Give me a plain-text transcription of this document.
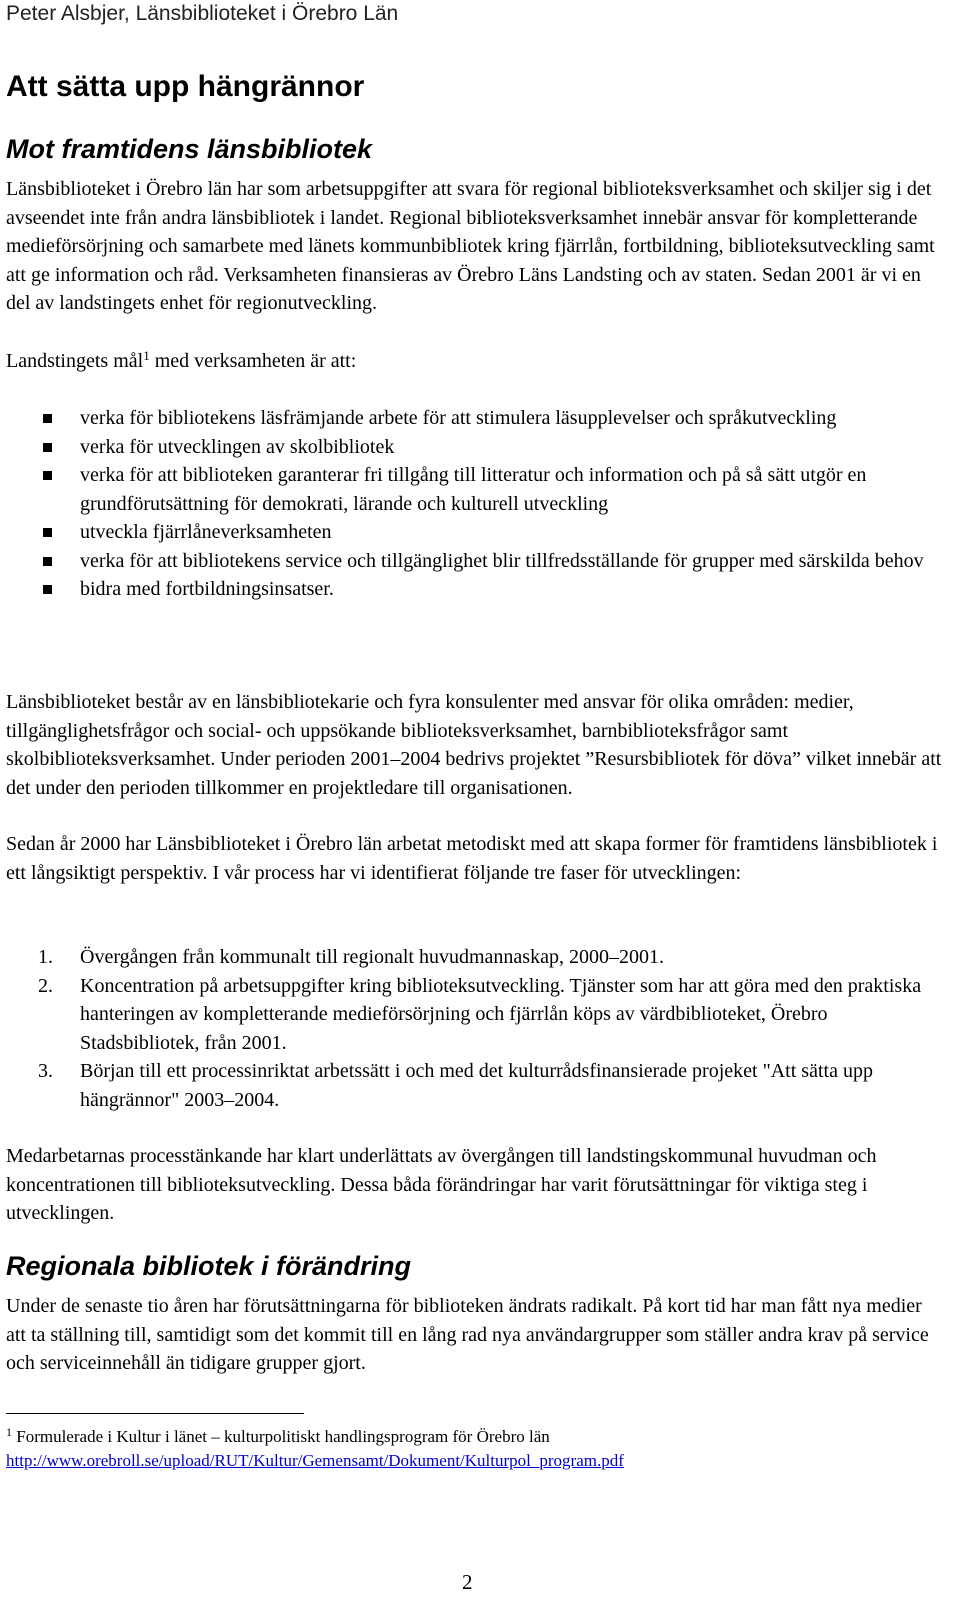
Peter Alsbjer, Länsbiblioteket i Örebro Län
Att sätta upp hängrännor
Mot framtidens länsbibliotek

Länsbiblioteket i Örebro län har som arbetsuppgifter att svara för regional biblioteksverksamhet och skiljer sig i det avseendet inte från andra länsbibliotek i landet. Regional biblioteksverksamhet innebär ansvar för kompletterande medieförsörjning och samarbete med länets kommunbibliotek kring fjärrlån, fortbildning, biblioteksutveckling samt att ge information och råd. Verksamheten finansieras av Örebro Läns Landsting och av staten. Sedan 2001 är vi en del av landstingets enhet för regionutveckling.

Landstingets mål$^1$ med verksamheten är att:

verka för bibliotekens läsfrämjande arbete för att stimulera läsupplevelser och språkutveckling
verka för utvecklingen av skolbibliotek
verka för att biblioteken garanterar fri tillgång till litteratur och information och på så sätt utgör en grundförutsättning för demokrati, lärande och kulturell utveckling
utveckla fjärrlåneverksamheten
verka för att bibliotekens service och tillgänglighet blir tillfredsställande för grupper med särskilda behov
bidra med fortbildningsinsatser.

Länsbiblioteket består av en länsbibliotekarie och fyra konsulenter med ansvar för olika områden: medier, tillgänglighetsfrågor och social- och uppsökande biblioteksverksamhet, barnbiblioteksfrågor samt skolbiblioteksverksamhet. Under perioden 2001–2004 bedrivs projektet ”Resursbibliotek för döva” vilket innebär att det under den perioden tillkommer en projektledare till organisationen.

Sedan år 2000 har Länsbiblioteket i Örebro län arbetat metodiskt med att skapa former för framtidens länsbibliotek i ett långsiktigt perspektiv. I vår process har vi identifierat följande tre faser för utvecklingen:

1. Övergången från kommunalt till regionalt huvudmannaskap, 2000–2001.
2. Koncentration på arbetsuppgifter kring biblioteksutveckling. Tjänster som har att göra med den praktiska hanteringen av kompletterande medieförsörjning och fjärrlån köps av värdbiblioteket, Örebro Stadsbibliotek, från 2001.
3. Början till ett processinriktat arbetssätt i och med det kulturrådsfinansierade projeket "Att sätta upp hängrännor" 2003–2004.

Medarbetarnas processtänkande har klart underlättats av övergången till landstingskommunal huvudman och koncentrationen till biblioteksutveckling. Dessa båda förändringar har varit förutsättningar för viktiga steg i utvecklingen.

Regionala bibliotek i förändring

Under de senaste tio åren har förutsättningarna för biblioteken ändrats radikalt. På kort tid har man fått nya medier att ta ställning till, samtidigt som det kommit till en lång rad nya användargrupper som ställer andra krav på service och serviceinnehåll än tidigare grupper gjort.

$^1$ Formulerade i Kultur i länet – kulturpolitiskt handlingsprogram för Örebro län
http://www.orebroll.se/upload/RUT/Kultur/Gemensamt/Dokument/Kulturpol_program.pdf
2
